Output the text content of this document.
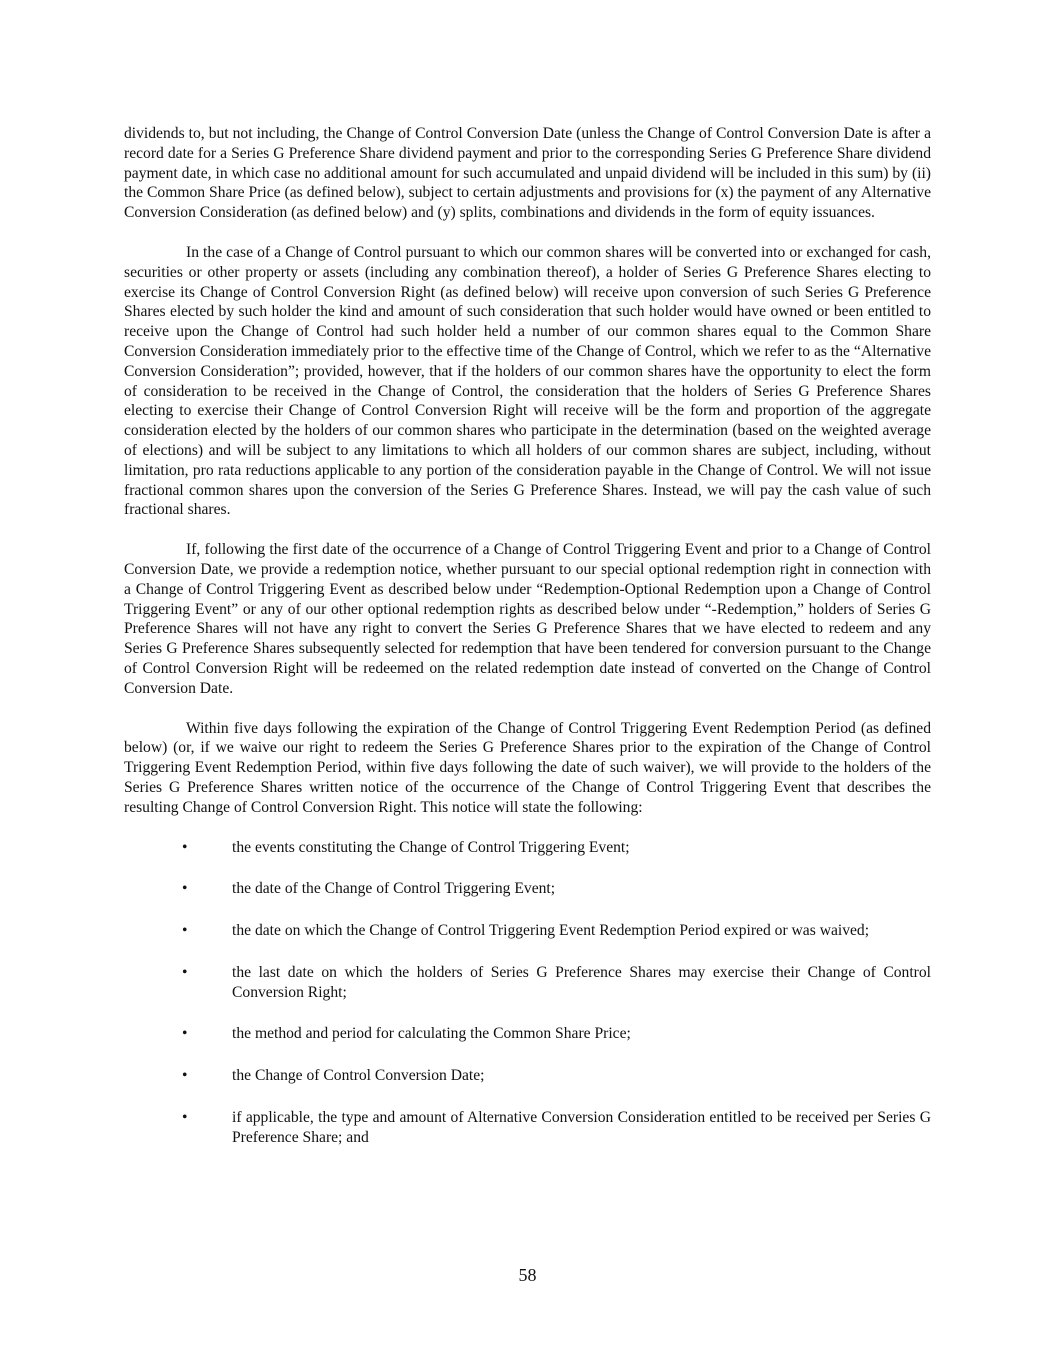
dividends to, but not including, the Change of Control Conversion Date (unless the Change of Control Conversion Date is after a record date for a Series G Preference Share dividend payment and prior to the corresponding Series G Preference Share dividend payment date, in which case no additional amount for such accumulated and unpaid dividend will be included in this sum) by (ii) the Common Share Price (as defined below), subject to certain adjustments and provisions for (x) the payment of any Alternative Conversion Consideration (as defined below) and (y) splits, combinations and dividends in the form of equity issuances.

In the case of a Change of Control pursuant to which our common shares will be converted into or exchanged for cash, securities or other property or assets (including any combination thereof), a holder of Series G Preference Shares electing to exercise its Change of Control Conversion Right (as defined below) will receive upon conversion of such Series G Preference Shares elected by such holder the kind and amount of such consideration that such holder would have owned or been entitled to receive upon the Change of Control had such holder held a number of our common shares equal to the Common Share Conversion Consideration immediately prior to the effective time of the Change of Control, which we refer to as the “Alternative Conversion Consideration”; provided, however, that if the holders of our common shares have the opportunity to elect the form of consideration to be received in the Change of Control, the consideration that the holders of Series G Preference Shares electing to exercise their Change of Control Conversion Right will receive will be the form and proportion of the aggregate consideration elected by the holders of our common shares who participate in the determination (based on the weighted average of elections) and will be subject to any limitations to which all holders of our common shares are subject, including, without limitation, pro rata reductions applicable to any portion of the consideration payable in the Change of Control. We will not issue fractional common shares upon the conversion of the Series G Preference Shares. Instead, we will pay the cash value of such fractional shares.

If, following the first date of the occurrence of a Change of Control Triggering Event and prior to a Change of Control Conversion Date, we provide a redemption notice, whether pursuant to our special optional redemption right in connection with a Change of Control Triggering Event as described below under “Redemption-Optional Redemption upon a Change of Control Triggering Event” or any of our other optional redemption rights as described below under “-Redemption,” holders of Series G Preference Shares will not have any right to convert the Series G Preference Shares that we have elected to redeem and any Series G Preference Shares subsequently selected for redemption that have been tendered for conversion pursuant to the Change of Control Conversion Right will be redeemed on the related redemption date instead of converted on the Change of Control Conversion Date.

Within five days following the expiration of the Change of Control Triggering Event Redemption Period (as defined below) (or, if we waive our right to redeem the Series G Preference Shares prior to the expiration of the Change of Control Triggering Event Redemption Period, within five days following the date of such waiver), we will provide to the holders of the Series G Preference Shares written notice of the occurrence of the Change of Control Triggering Event that describes the resulting Change of Control Conversion Right. This notice will state the following:

•	the events constituting the Change of Control Triggering Event;
•	the date of the Change of Control Triggering Event;
•	the date on which the Change of Control Triggering Event Redemption Period expired or was waived;
•	the last date on which the holders of Series G Preference Shares may exercise their Change of Control Conversion Right;
•	the method and period for calculating the Common Share Price;
•	the Change of Control Conversion Date;
•	if applicable, the type and amount of Alternative Conversion Consideration entitled to be received per Series G Preference Share; and
58
